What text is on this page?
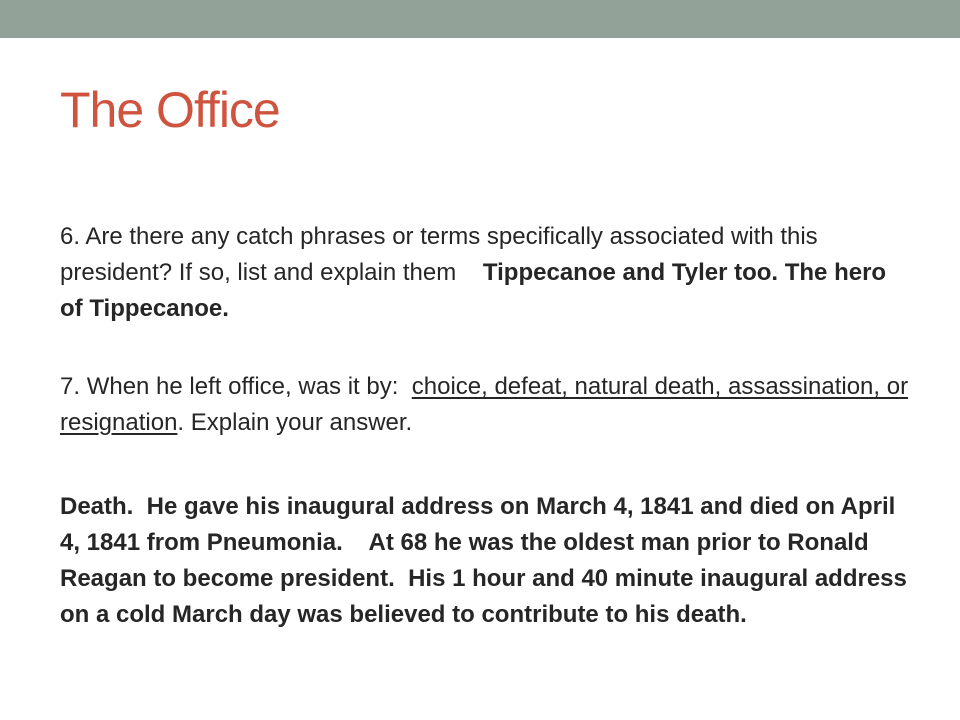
The Office

6. Are there any catch phrases or terms specifically associated with this president? If so, list and explain them Tippecanoe and Tyler too. The hero of Tippecanoe.

7. When he left office, was it by: choice, defeat, natural death, assassination, or resignation. Explain your answer.

Death.  He gave his inaugural address on March 4, 1841 and died on April 4, 1841 from Pneumonia.    At 68 he was the oldest man prior to Ronald Reagan to become president.  His 1 hour and 40 minute inaugural address on a cold March day was believed to contribute to his death.
